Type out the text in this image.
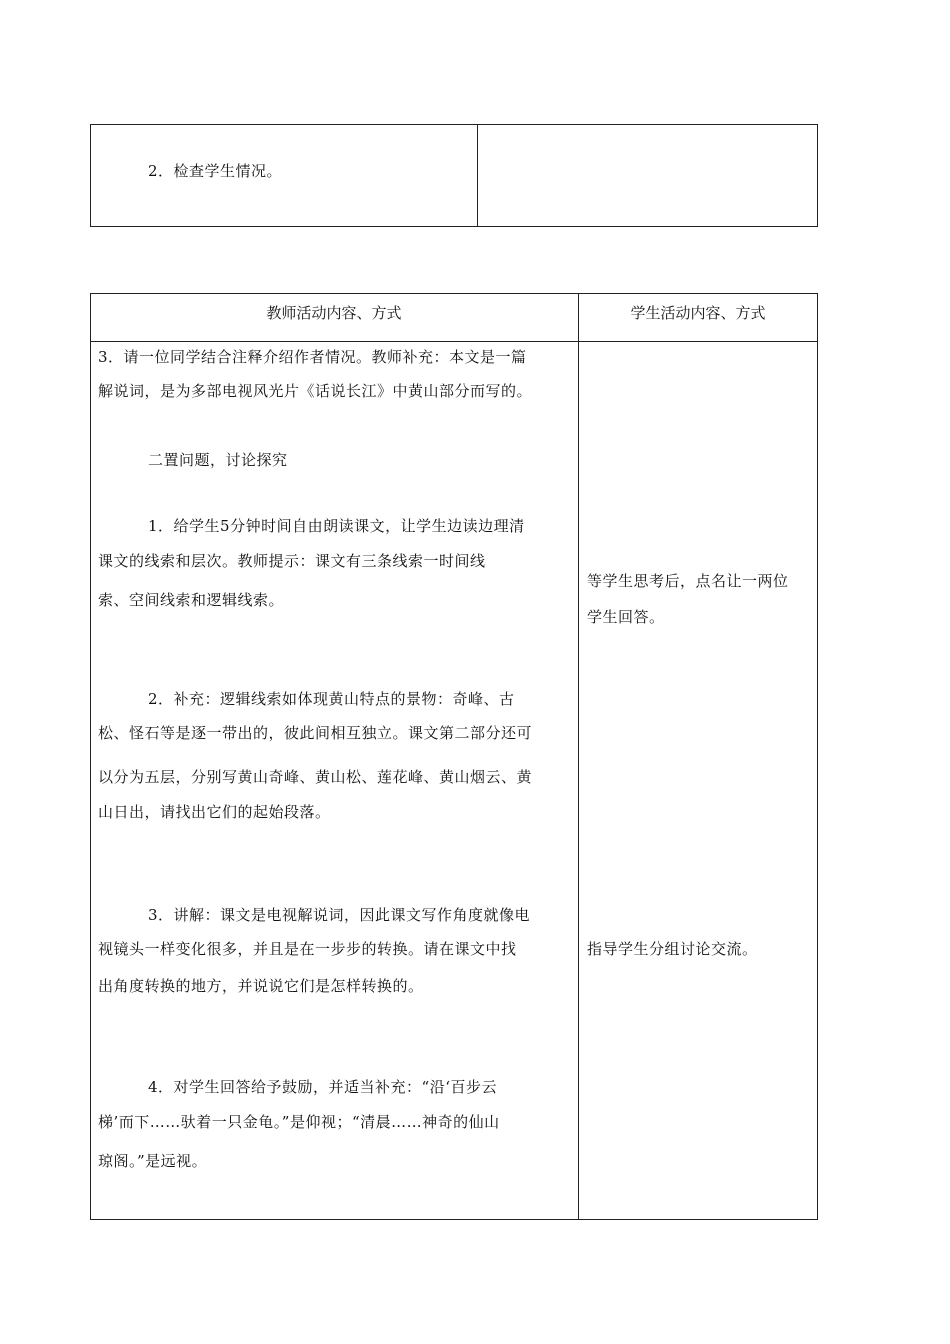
2．检查学生情况。
教师活动内容、方式	学生活动内容、方式
3．请一位同学结合注释介绍作者情况。教师补充：本文是一篇
解说词，是为多部电视风光片《话说长江》中黄山部分而写的。
二置问题，讨论探究
1．给学生5分钟时间自由朗读课文，让学生边读边理清
课文的线索和层次。教师提示：课文有三条线索一时间线
索、空间线索和逻辑线索。
2．补充：逻辑线索如体现黄山特点的景物：奇峰、古
松、怪石等是逐一带出的，彼此间相互独立。课文第二部分还可
以分为五层，分别写黄山奇峰、黄山松、莲花峰、黄山烟云、黄
山日出，请找出它们的起始段落。
3．讲解：课文是电视解说词，因此课文写作角度就像电
视镜头一样变化很多，并且是在一步步的转换。请在课文中找
出角度转换的地方，并说说它们是怎样转换的。
4．对学生回答给予鼓励，并适当补充：“沿‘百步云
梯’而下……驮着一只金龟。”是仰视；“清晨……神奇的仙山
琼阁。”是远视。
等学生思考后，点名让一两位
学生回答。
指导学生分组讨论交流。
